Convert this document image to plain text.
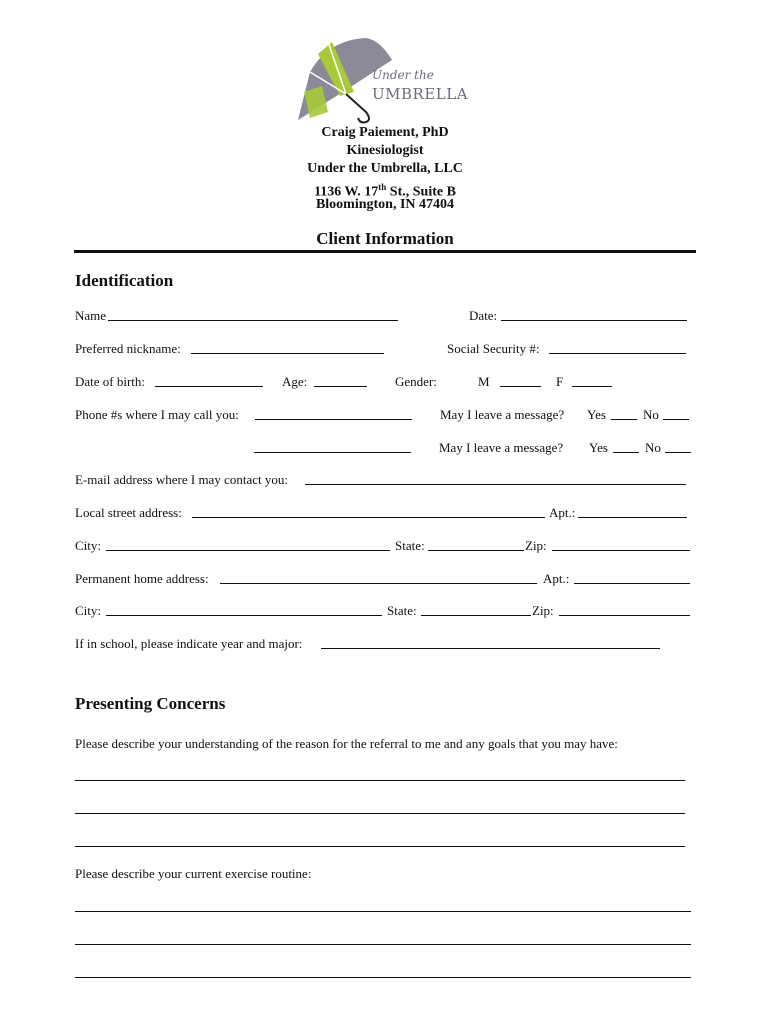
Under the
UMBRELLA
Craig Paiement, PhD
Kinesiologist
Under the Umbrella, LLC
1136 W. 17th St., Suite B
Bloomington, IN 47404
Client Information
Identification
Name	Date:
Preferred nickname:	Social Security #:
Date of birth:	Age:	Gender:	M	F
Phone #s where I may call you:	May I leave a message? Yes	No
May I leave a message? Yes	No
E-mail address where I may contact you:
Local street address:	Apt.:
City:	State:	Zip:
Permanent home address:	Apt.:
City:	State:	Zip:
If in school, please indicate year and major:
Presenting Concerns
Please describe your understanding of the reason for the referral to me and any goals that you may have:
Please describe your current exercise routine:
